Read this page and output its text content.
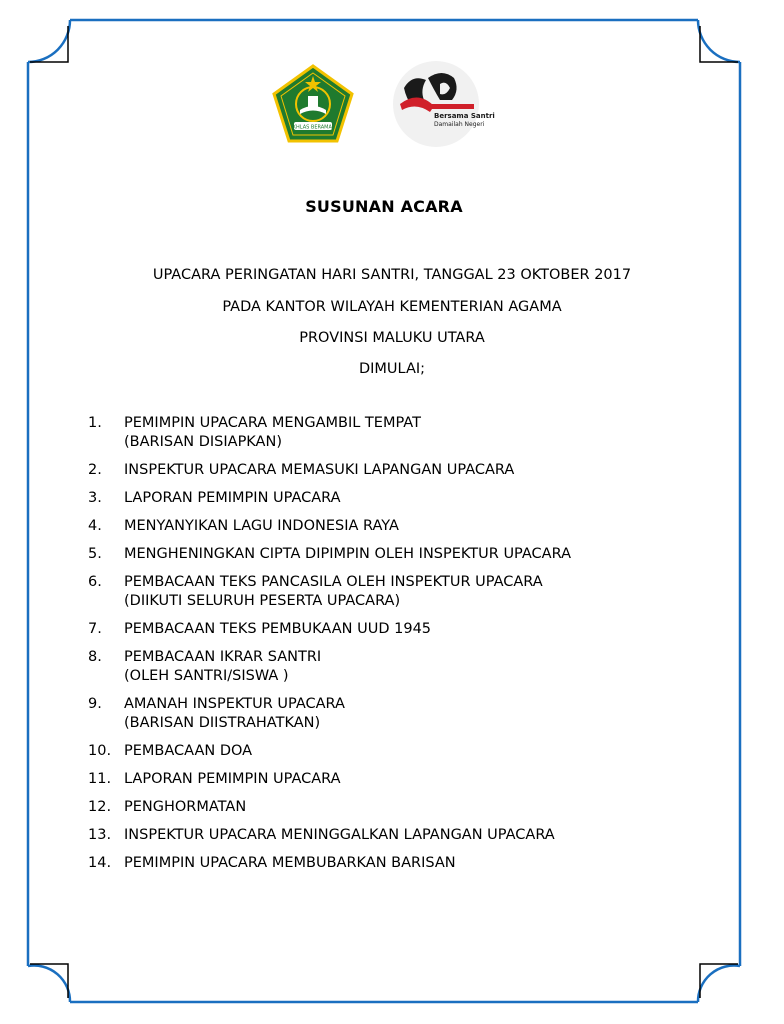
IKHLAS BERAMAL
Bersama Santri
Damailah Negeri
SUSUNAN ACARA
UPACARA PERINGATAN HARI SANTRI, TANGGAL 23 OKTOBER 2017
PADA KANTOR WILAYAH KEMENTERIAN AGAMA
PROVINSI MALUKU UTARA
DIMULAI;
1.	PEMIMPIN UPACARA MENGAMBIL TEMPAT
(BARISAN DISIAPKAN)
2.	INSPEKTUR UPACARA MEMASUKI LAPANGAN UPACARA
3.	LAPORAN PEMIMPIN UPACARA
4.	MENYANYIKAN LAGU INDONESIA RAYA
5.	MENGHENINGKAN CIPTA DIPIMPIN OLEH INSPEKTUR UPACARA
6.	PEMBACAAN TEKS PANCASILA OLEH INSPEKTUR UPACARA
(DIIKUTI SELURUH PESERTA UPACARA)
7.	PEMBACAAN TEKS PEMBUKAAN UUD 1945
8.	PEMBACAAN IKRAR SANTRI
(OLEH SANTRI/SISWA )
9.	AMANAH INSPEKTUR UPACARA
(BARISAN DIISTRAHATKAN)
10. PEMBACAAN DOA
11. LAPORAN PEMIMPIN UPACARA
12. PENGHORMATAN
13. INSPEKTUR UPACARA MENINGGALKAN LAPANGAN UPACARA
14. PEMIMPIN UPACARA MEMBUBARKAN BARISAN
